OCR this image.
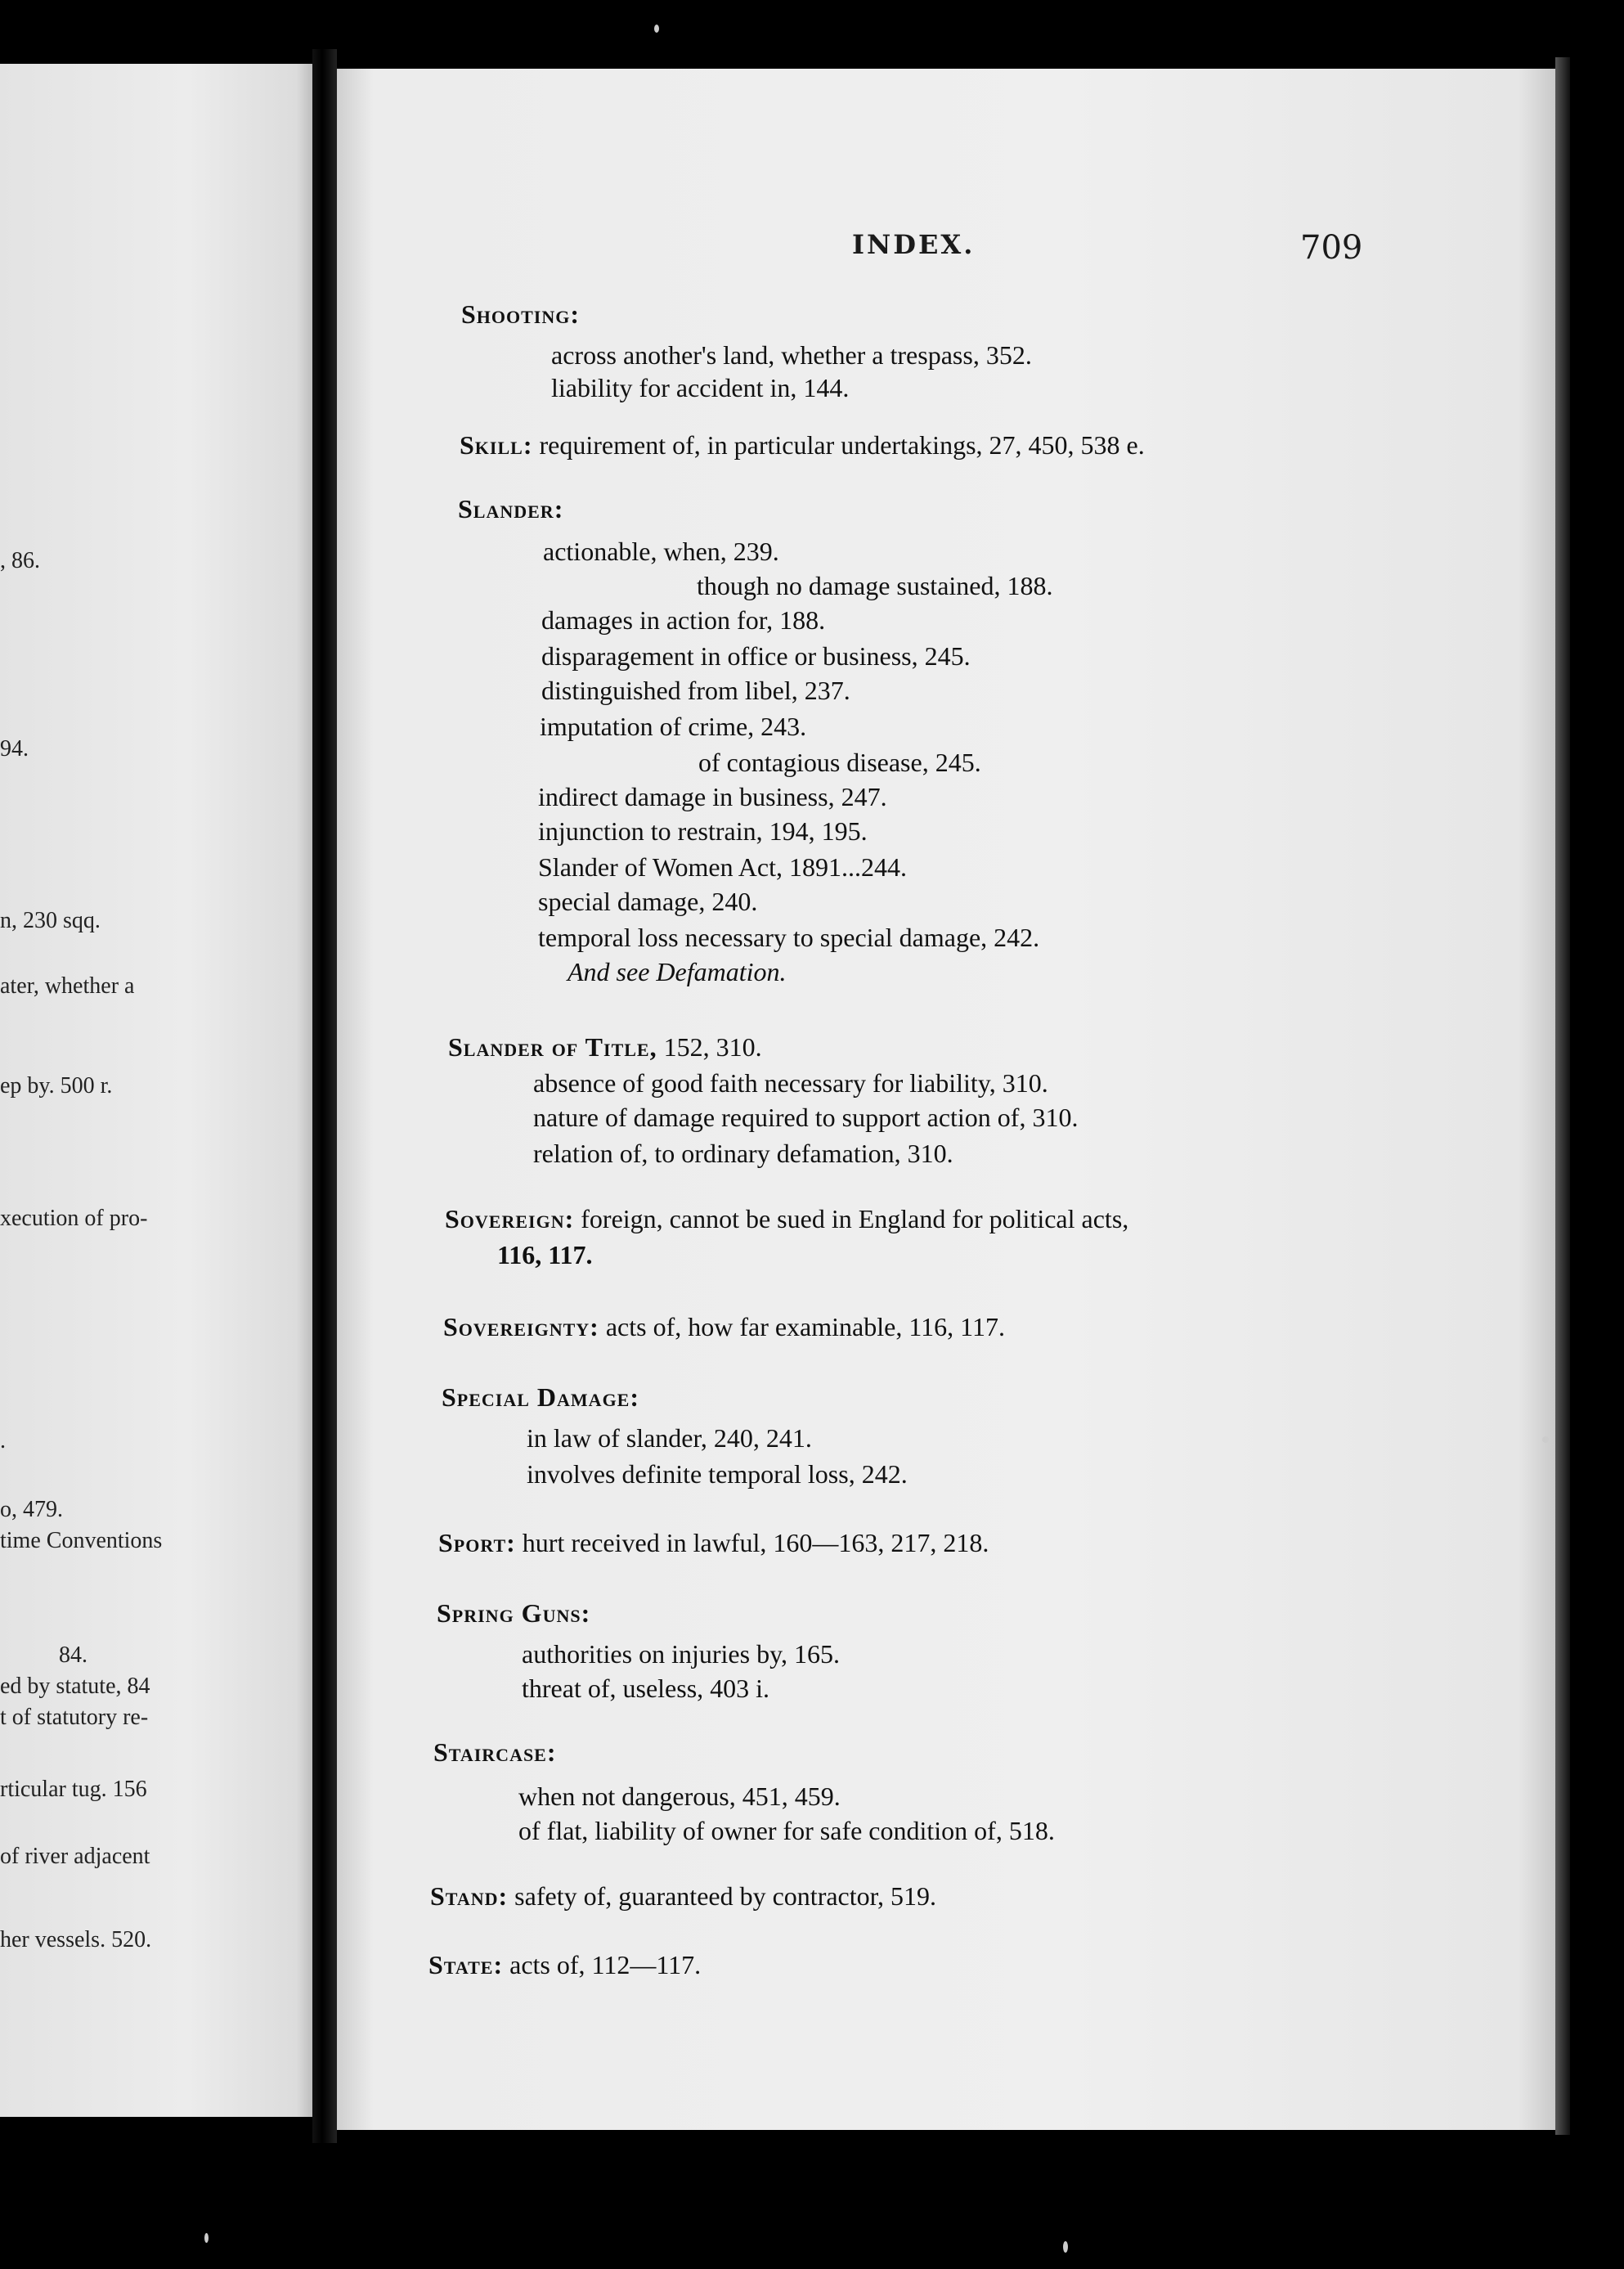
, 86.
94.
n, 230 sqq.
ater, whether a
ep by. 500 r.
xecution of pro-
.
o, 479.
time Conventions
84.
ed by statute, 84
t of statutory re-
rticular tug. 156
of river adjacent
her vessels. 520.
INDEX.	709
Shooting:
across another's land, whether a trespass, 352.
liability for accident in, 144.
Skill: requirement of, in particular undertakings, 27, 450, 538 e.
Slander:
actionable, when, 239.
though no damage sustained, 188.
damages in action for, 188.
disparagement in office or business, 245.
distinguished from libel, 237.
imputation of crime, 243.
of contagious disease, 245.
indirect damage in business, 247.
injunction to restrain, 194, 195.
Slander of Women Act, 1891...244.
special damage, 240.
temporal loss necessary to special damage, 242.
And see Defamation.
Slander of Title, 152, 310.
absence of good faith necessary for liability, 310.
nature of damage required to support action of, 310.
relation of, to ordinary defamation, 310.
Sovereign: foreign, cannot be sued in England for political acts,
116, 117.
Sovereignty: acts of, how far examinable, 116, 117.
Special Damage:
in law of slander, 240, 241.
involves definite temporal loss, 242.
Sport: hurt received in lawful, 160—163, 217, 218.
Spring Guns:
authorities on injuries by, 165.
threat of, useless, 403 i.
Staircase:
when not dangerous, 451, 459.
of flat, liability of owner for safe condition of, 518.
Stand: safety of, guaranteed by contractor, 519.
State: acts of, 112—117.
